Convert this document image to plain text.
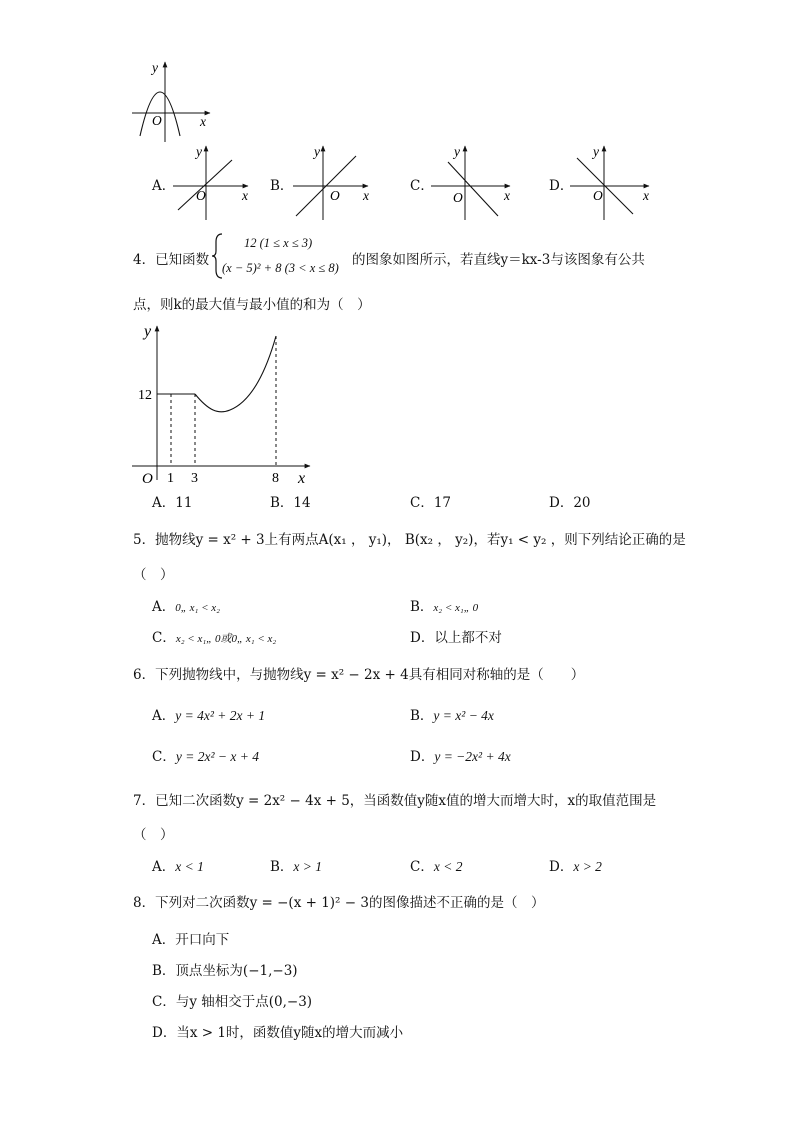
y
x
O
A．
y
x
O
B．
y
x
O
C．
y
x
O
D．
y
x
O
4．已知函数
12 (1 ≤ x ≤ 3)
(x − 5)² + 8 (3 < x ≤ 8) 的图象如图所示，若直线y＝kx-3与该图象有公共
点，则k的最大值与最小值的和为（　）
y
x
O
12
1 3	8
A．11	B．14	C．17	D．20
5．抛物线y = x² + 3上有两点A(x₁ ， y₁)， B(x₂ ， y₂)，若y₁ < y₂ ，则下列结论正确的是
（　）
A．0„ x₁ < x₂	B．x₂ < x₁„ 0
C．x₂ < x₁„ 0或0„ x₁ < x₂	D．以上都不对
6．下列抛物线中，与抛物线y = x² − 2x + 4具有相同对称轴的是（　　）
A．y = 4x² + 2x + 1	B．y = x² − 4x
C．y = 2x² − x + 4	D．y = −2x² + 4x
7．已知二次函数y = 2x² − 4x + 5，当函数值y随x值的增大而增大时，x的取值范围是
（　）
A．x < 1	B．x > 1	C．x < 2	D．x > 2
8．下列对二次函数y = −(x + 1)² − 3的图像描述不正确的是（　）
A．开口向下
B．顶点坐标为(−1,−3)
C．与y 轴相交于点(0,−3)
D．当x > 1时，函数值y随x的增大而减小
